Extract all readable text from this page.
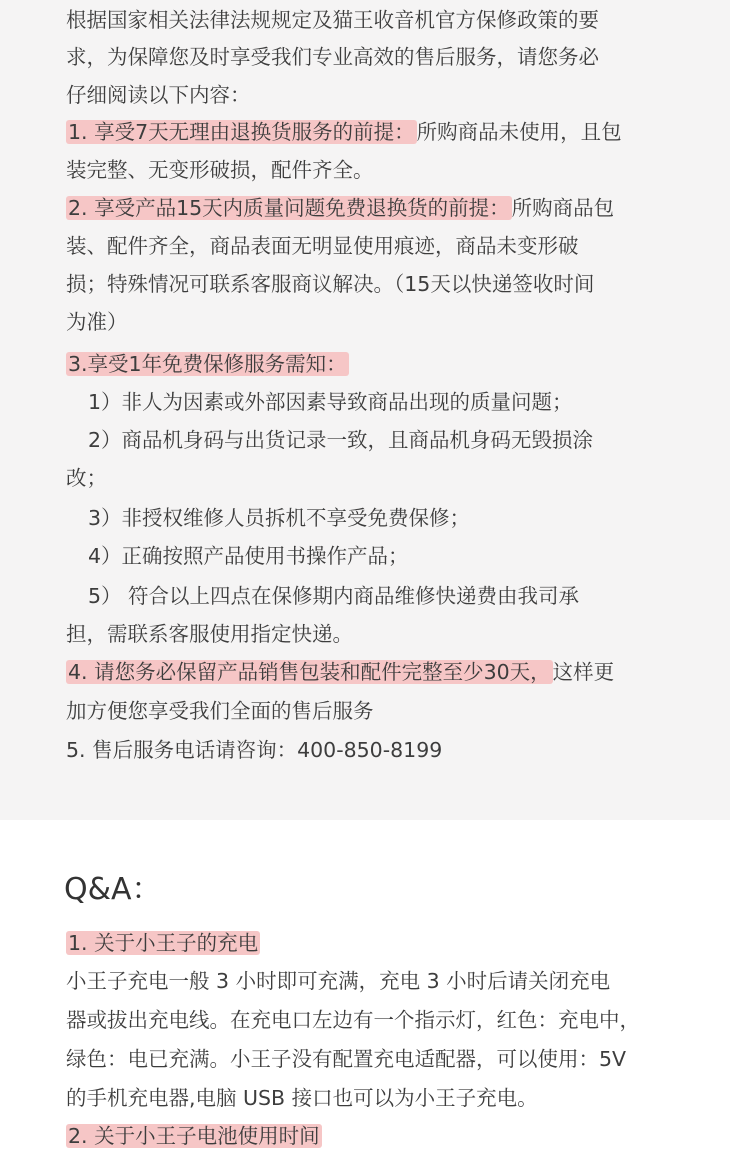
根据国家相关法律法规规定及猫王收音机官方保修政策的要
求，为保障您及时享受我们专业高效的售后服务，请您务必
仔细阅读以下内容：
1. 享受7天无理由退换货服务的前提：所购商品未使用，且包
装完整、无变形破损，配件齐全。
2. 享受产品15天内质量问题免费退换货的前提：所购商品包
装、配件齐全，商品表面无明显使用痕迹，商品未变形破
损；特殊情况可联系客服商议解决。（15天以快递签收时间
为准）
3.享受1年免费保修服务需知：
1）非人为因素或外部因素导致商品出现的质量问题；
2）商品机身码与出货记录一致，且商品机身码无毁损涂
改；
3）非授权维修人员拆机不享受免费保修；
4）正确按照产品使用书操作产品；
5） 符合以上四点在保修期内商品维修快递费由我司承
担，需联系客服使用指定快递。
4. 请您务必保留产品销售包装和配件完整至少30天，这样更
加方便您享受我们全面的售后服务
5. 售后服务电话请咨询：400-850-8199
Q&A：
1. 关于小王子的充电
小王子充电一般 3 小时即可充满，充电 3 小时后请关闭充电
器或拔出充电线。在充电口左边有一个指示灯，红色：充电中，
绿色：电已充满。小王子没有配置充电适配器，可以使用：5V
的手机充电器,电脑 USB 接口也可以为小王子充电。
2. 关于小王子电池使用时间
